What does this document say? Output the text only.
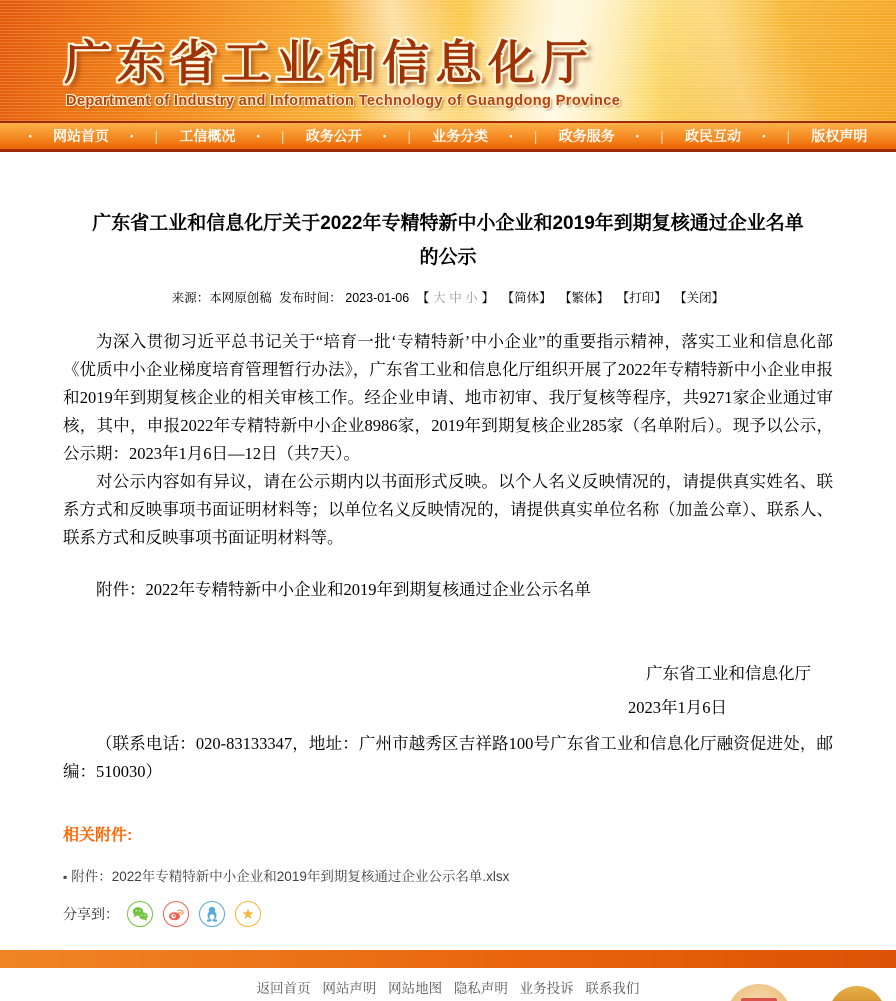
广东省工业和信息化厅
Department of Industry and Information Technology of Guangdong Province
• 网站首页 • | 工信概况 • | 政务公开 • | 业务分类 • | 政务服务 • | 政民互动 • | 版权声明
广东省工业和信息化厅关于2022年专精特新中小企业和2019年到期复核通过企业名单的公示
来源：本网原创稿 发布时间： 2023-01-06 【 大 中 小 】 【简体】 【繁体】 【打印】 【关闭】

为深入贯彻习近平总书记关于“培育一批‘专精特新’中小企业”的重要指示精神，落实工业和信息化部《优质中小企业梯度培育管理暂行办法》，广东省工业和信息化厅组织开展了2022年专精特新中小企业申报和2019年到期复核企业的相关审核工作。经企业申请、地市初审、我厅复核等程序，共9271家企业通过审核，其中，申报2022年专精特新中小企业8986家，2019年到期复核企业285家（名单附后）。现予以公示，公示期：2023年1月6日—12日（共7天）。

对公示内容如有异议，请在公示期内以书面形式反映。以个人名义反映情况的，请提供真实姓名、联系方式和反映事项书面证明材料等；以单位名义反映情况的，请提供真实单位名称（加盖公章）、联系人、联系方式和反映事项书面证明材料等。

附件：2022年专精特新中小企业和2019年到期复核通过企业公示名单

广东省工业和信息化厅
2023年1月6日

（联系电话：020-83133347，地址：广州市越秀区吉祥路100号广东省工业和信息化厅融资促进处，邮编：510030）

相关附件:
▪ 附件：2022年专精特新中小企业和2019年到期复核通过企业公示名单.xlsx
分享到：	★
返回首页 网站声明 网站地图 隐私声明 业务投诉 联系我们
